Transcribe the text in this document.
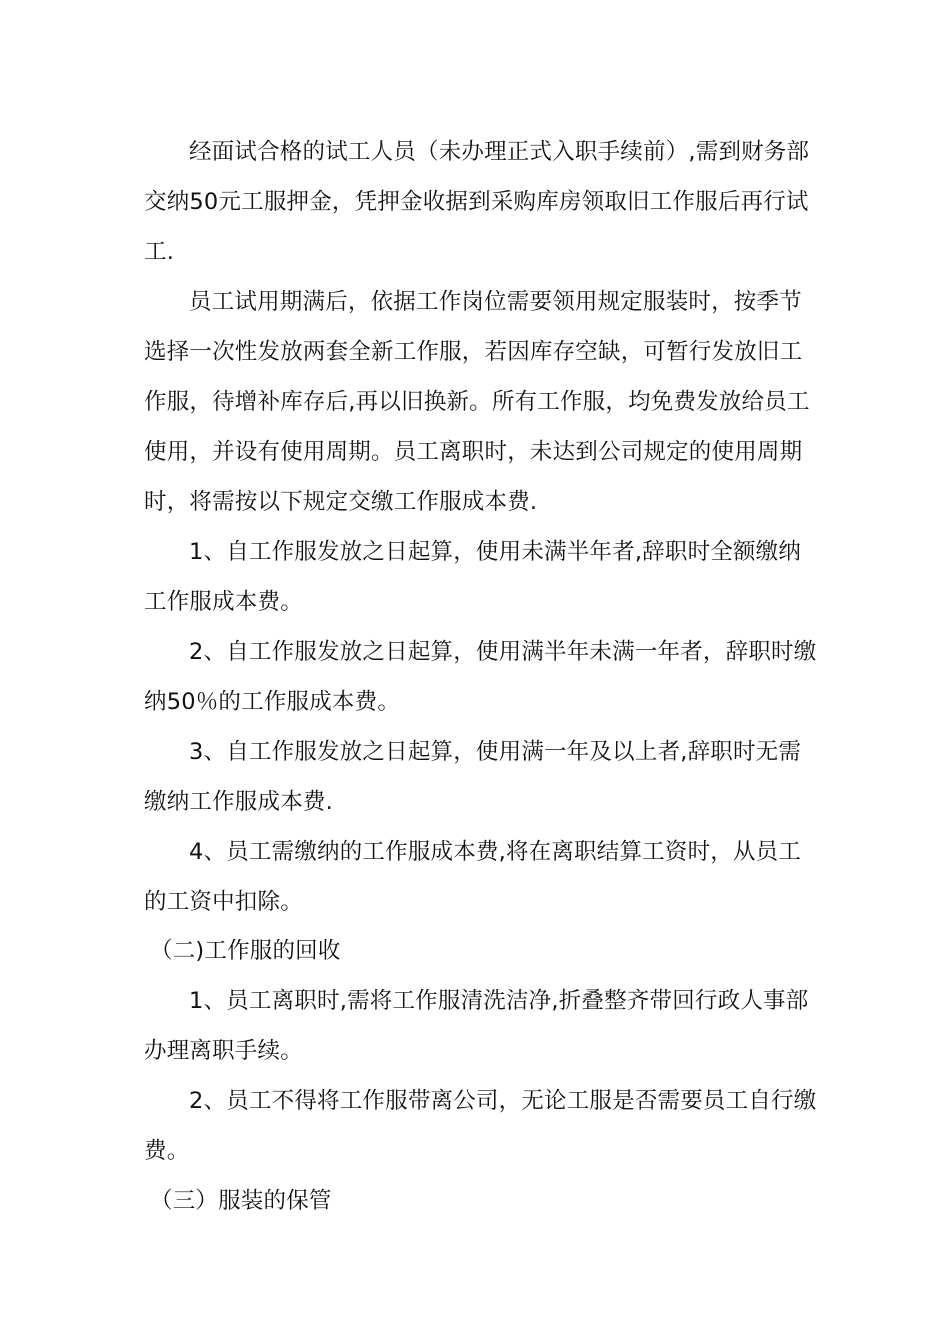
经面试合格的试工人员（未办理正式入职手续前）,需到财务部
交纳50元工服押金，凭押金收据到采购库房领取旧工作服后再行试
工.
员工试用期满后，依据工作岗位需要领用规定服装时，按季节
选择一次性发放两套全新工作服，若因库存空缺，可暂行发放旧工
作服，待增补库存后,再以旧换新。所有工作服，均免费发放给员工
使用，并设有使用周期。员工离职时，未达到公司规定的使用周期
时，将需按以下规定交缴工作服成本费.
1、自工作服发放之日起算，使用未满半年者,辞职时全额缴纳
工作服成本费。
2、自工作服发放之日起算，使用满半年未满一年者，辞职时缴
纳50％的工作服成本费。
3、自工作服发放之日起算，使用满一年及以上者,辞职时无需
缴纳工作服成本费.
4、员工需缴纳的工作服成本费,将在离职结算工资时，从员工
的工资中扣除。
（二)工作服的回收
1、员工离职时,需将工作服清洗洁净,折叠整齐带回行政人事部
办理离职手续。
2、员工不得将工作服带离公司，无论工服是否需要员工自行缴
费。
（三）服装的保管
